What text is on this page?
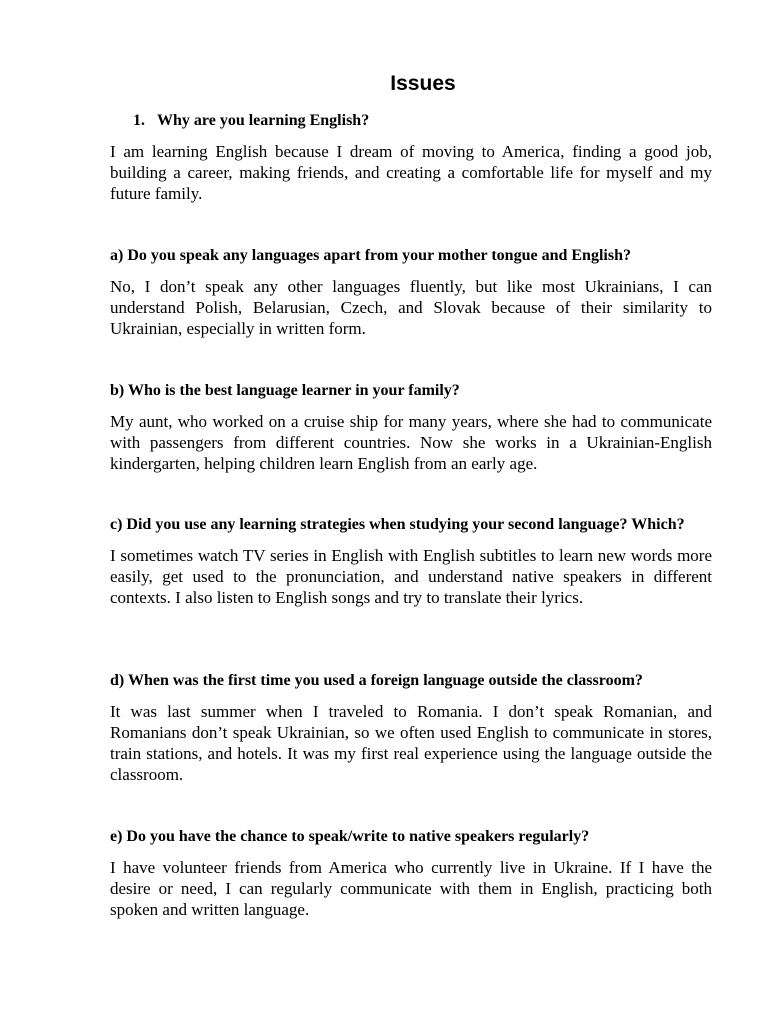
Issues

1. Why are you learning English?

I am learning English because I dream of moving to America, finding a good job, building a career, making friends, and creating a comfortable life for myself and my future family.

a) Do you speak any languages apart from your mother tongue and English?

No, I don’t speak any other languages fluently, but like most Ukrainians, I can understand Polish, Belarusian, Czech, and Slovak because of their similarity to Ukrainian, especially in written form.

b) Who is the best language learner in your family?

My aunt, who worked on a cruise ship for many years, where she had to communicate with passengers from different countries. Now she works in a Ukrainian-English kindergarten, helping children learn English from an early age.

c) Did you use any learning strategies when studying your second language? Which?

I sometimes watch TV series in English with English subtitles to learn new words more easily, get used to the pronunciation, and understand native speakers in different contexts. I also listen to English songs and try to translate their lyrics.

d) When was the first time you used a foreign language outside the classroom?

It was last summer when I traveled to Romania. I don’t speak Romanian, and Romanians don’t speak Ukrainian, so we often used English to communicate in stores, train stations, and hotels. It was my first real experience using the language outside the classroom.

e) Do you have the chance to speak/write to native speakers regularly?

I have volunteer friends from America who currently live in Ukraine. If I have the desire or need, I can regularly communicate with them in English, practicing both spoken and written language.
